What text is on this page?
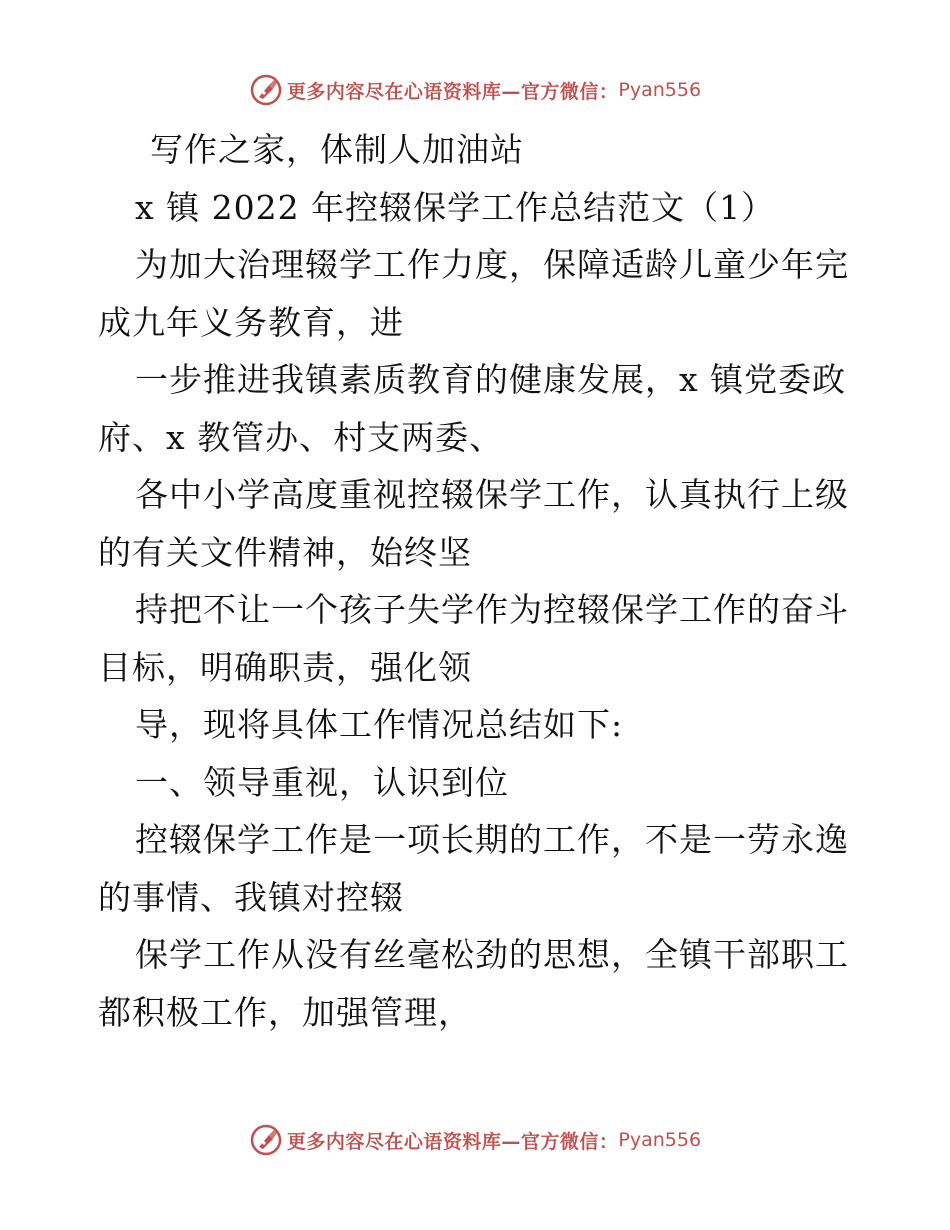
更多内容尽在心语资料库—官方微信： Pyan556
写作之家，体制人加油站
x 镇 2022 年控辍保学工作总结范文（1）
为加大治理辍学工作力度，保障适龄儿童少年完
成九年义务教育，进
一步推进我镇素质教育的健康发展，x 镇党委政
府、x 教管办、村支两委、
各中小学高度重视控辍保学工作，认真执行上级
的有关文件精神，始终坚
持把不让一个孩子失学作为控辍保学工作的奋斗
目标，明确职责，强化领
导，现将具体工作情况总结如下:
一、领导重视，认识到位
控辍保学工作是一项长期的工作，不是一劳永逸
的事情、我镇对控辍
保学工作从没有丝毫松劲的思想，全镇干部职工
都积极工作，加强管理，
更多内容尽在心语资料库—官方微信： Pyan556
